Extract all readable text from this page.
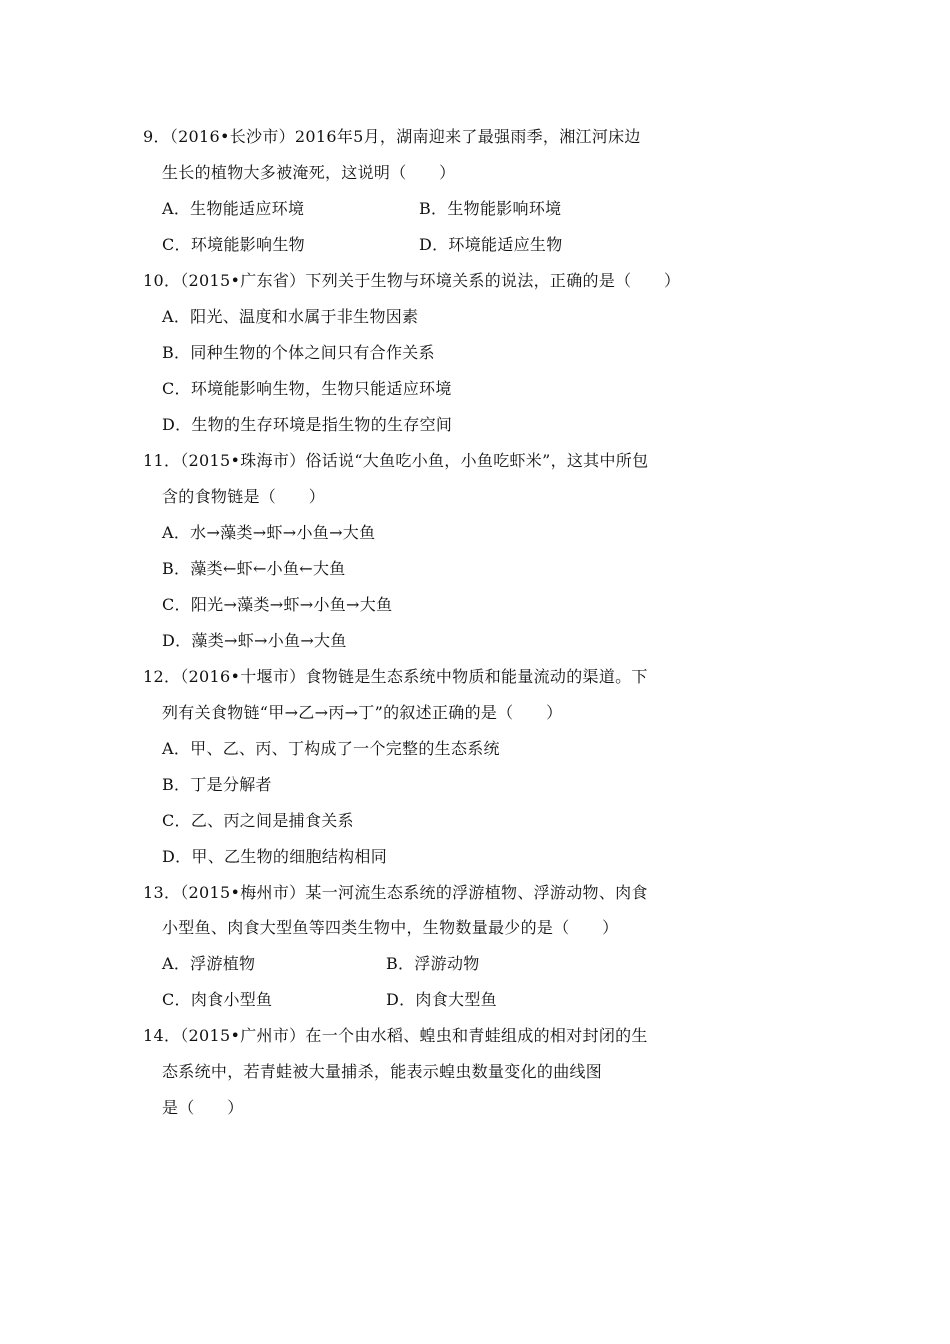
9．（2016•长沙市）2016年5月，湖南迎来了最强雨季，湘江河床边
生长的植物大多被淹死，这说明（　　）
A．生物能适应环境	B．生物能影响环境
C．环境能影响生物	D．环境能适应生物
10．（2015•广东省）下列关于生物与环境关系的说法，正确的是（　　）
A．阳光、温度和水属于非生物因素
B．同种生物的个体之间只有合作关系
C．环境能影响生物，生物只能适应环境
D．生物的生存环境是指生物的生存空间
11．（2015•珠海市）俗话说“大鱼吃小鱼，小鱼吃虾米”，这其中所包
含的食物链是（　　）
A．水→藻类→虾→小鱼→大鱼
B．藻类←虾←小鱼←大鱼
C．阳光→藻类→虾→小鱼→大鱼
D．藻类→虾→小鱼→大鱼
12．（2016•十堰市）食物链是生态系统中物质和能量流动的渠道。下
列有关食物链“甲→乙→丙→丁”的叙述正确的是（　　）
A．甲、乙、丙、丁构成了一个完整的生态系统
B．丁是分解者
C．乙、丙之间是捕食关系
D．甲、乙生物的细胞结构相同
13．（2015•梅州市）某一河流生态系统的浮游植物、浮游动物、肉食
小型鱼、肉食大型鱼等四类生物中，生物数量最少的是（　　）
A．浮游植物	B．浮游动物
C．肉食小型鱼	D．肉食大型鱼
14．（2015•广州市）在一个由水稻、蝗虫和青蛙组成的相对封闭的生
态系统中，若青蛙被大量捕杀，能表示蝗虫数量变化的曲线图
是（　　）
